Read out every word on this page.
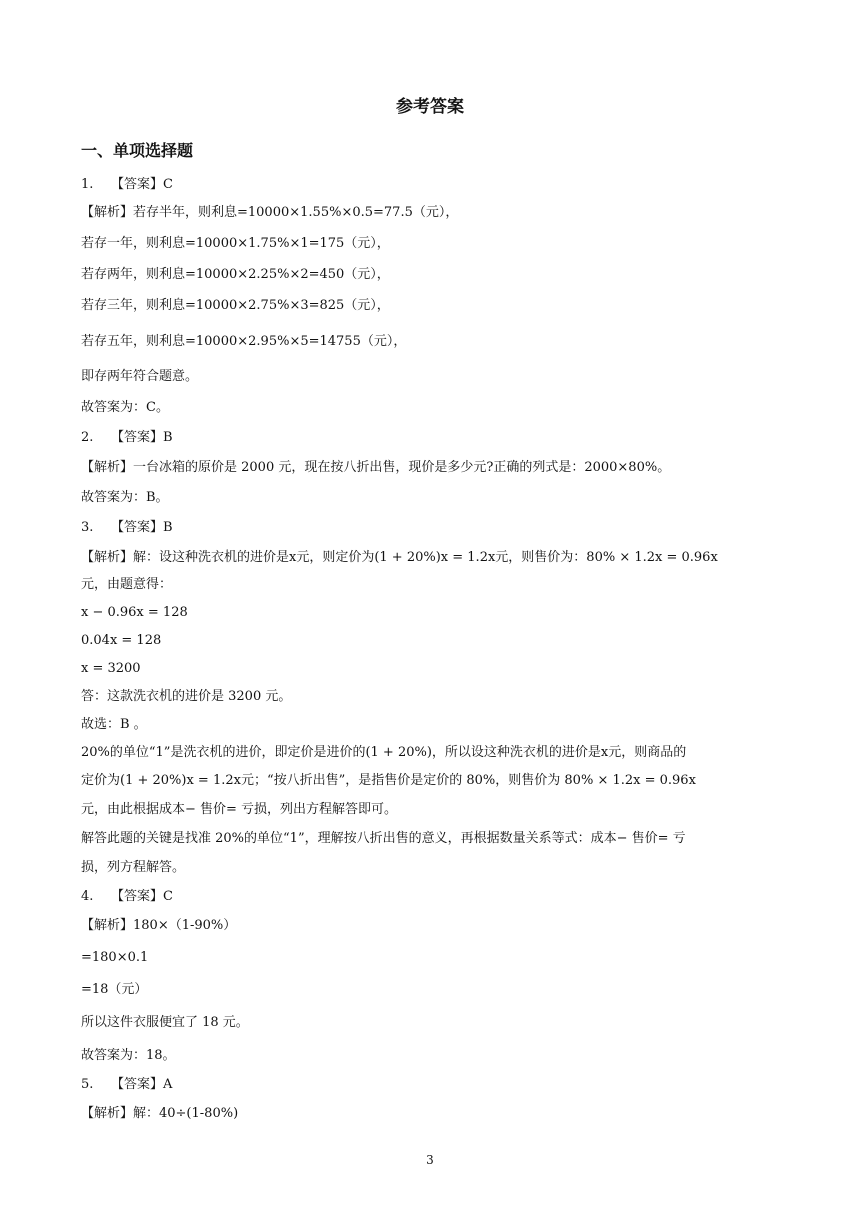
参考答案
一、单项选择题

1. 【答案】C

【解析】若存半年，则利息=10000×1.55%×0.5=77.5（元），

若存一年，则利息=10000×1.75%×1=175（元），

若存两年，则利息=10000×2.25%×2=450（元），

若存三年，则利息=10000×2.75%×3=825（元），

若存五年，则利息=10000×2.95%×5=14755（元），

即存两年符合题意。

故答案为：C。

2. 【答案】B

【解析】一台冰箱的原价是 2000 元，现在按八折出售，现价是多少元?正确的列式是：2000×80%。

故答案为：B。

3. 【答案】B

【解析】解：设这种洗衣机的进价是x元，则定价为(1 + 20%)x = 1.2x元，则售价为：80% × 1.2x = 0.96x

元，由题意得：

x − 0.96x = 128

0.04x = 128

x = 3200

答：这款洗衣机的进价是 3200 元。

故选：B 。

20%的单位“1”是洗衣机的进价，即定价是进价的(1 + 20%)，所以设这种洗衣机的进价是x元，则商品的

定价为(1 + 20%)x = 1.2x元；“按八折出售”，是指售价是定价的 80%，则售价为 80% × 1.2x = 0.96x

元，由此根据成本− 售价= 亏损，列出方程解答即可。

解答此题的关键是找准 20%的单位“1”，理解按八折出售的意义，再根据数量关系等式：成本− 售价= 亏

损，列方程解答。

4. 【答案】C

【解析】180×（1-90%）

=180×0.1

=18（元）

所以这件衣服便宜了 18 元。

故答案为：18。

5. 【答案】A

【解析】解：40÷(1-80%)

3
